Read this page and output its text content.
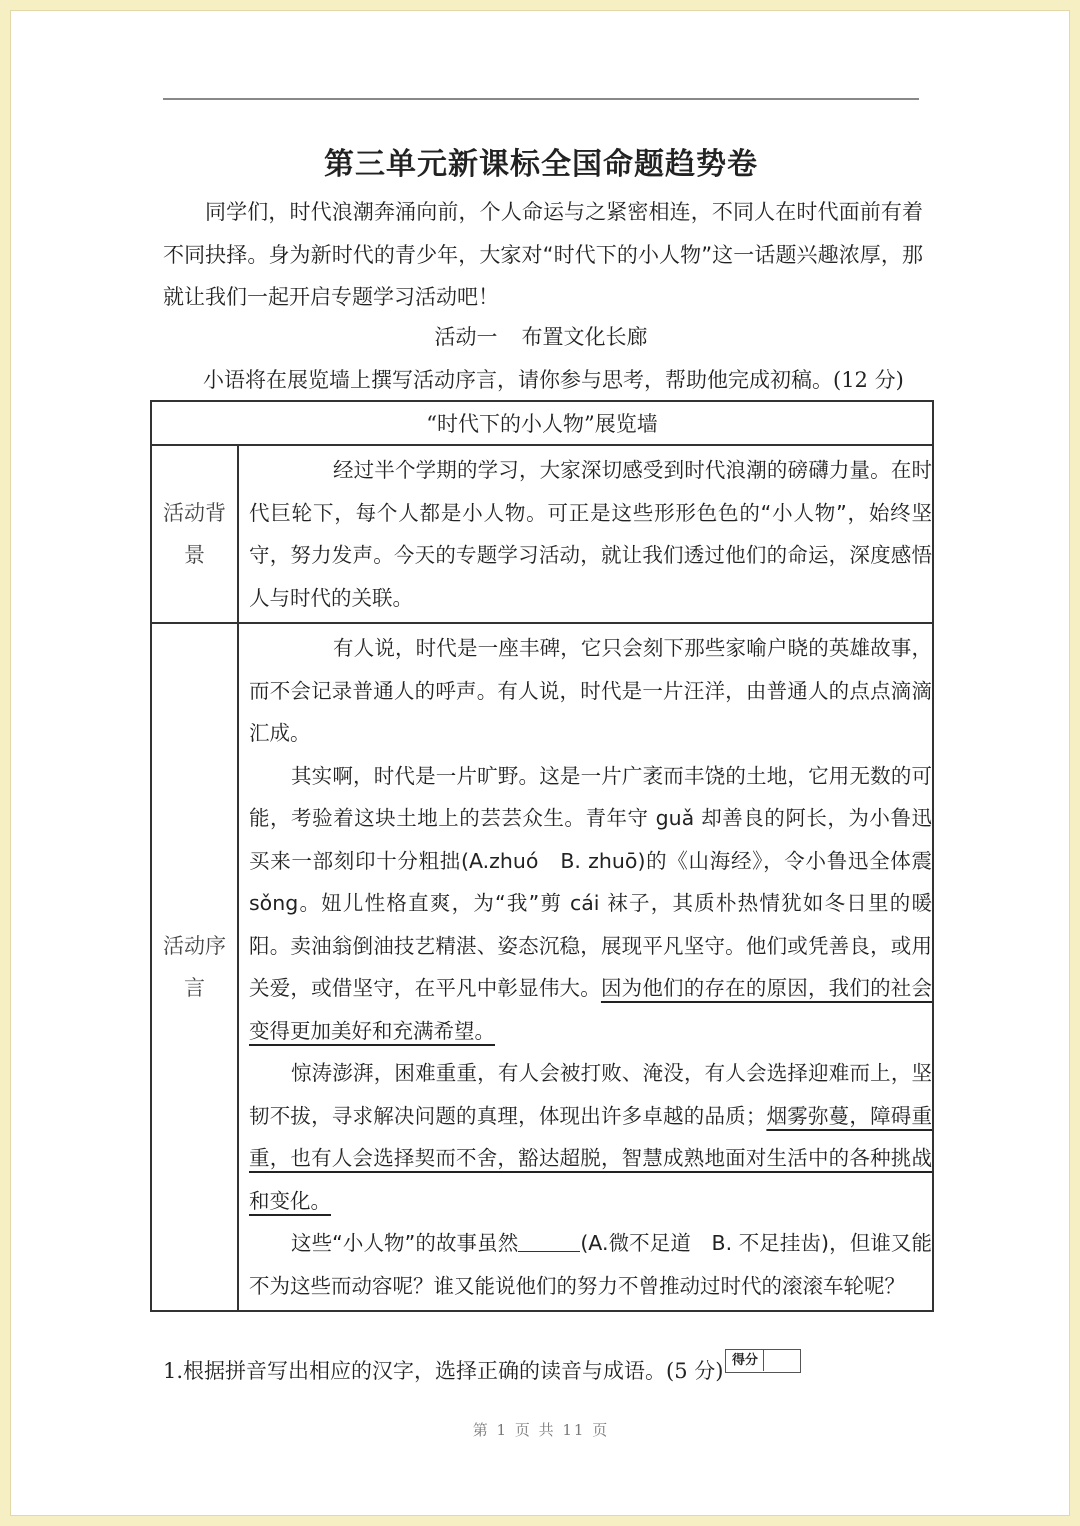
第三单元新课标全国命题趋势卷
同学们，时代浪潮奔涌向前，个人命运与之紧密相连，不同人在时代面前有着不同抉择。身为新时代的青少年，大家对“时代下的小人物”这一话题兴趣浓厚，那就让我们一起开启专题学习活动吧！
活动一 布置文化长廊
小语将在展览墙上撰写活动序言，请你参与思考，帮助他完成初稿。(12 分)
“时代下的小人物”展览墙	
活动背景	经过半个学期的学习，大家深切感受到时代浪潮的磅礴力量。在时代巨轮下，每个人都是小人物。可正是这些形形色色的“小人物”，始终坚守，努力发声。今天的专题学习活动，就让我们透过他们的命运，深度感悟人与时代的关联。

活动序言	有人说，时代是一座丰碑，它只会刻下那些家喻户晓的英雄故事，而不会记录普通人的呼声。有人说，时代是一片汪洋，由普通人的点点滴滴汇成。

其实啊，时代是一片旷野。这是一片广袤而丰饶的土地，它用无数的可能，考验着这块土地上的芸芸众生。青年守 guǎ 却善良的阿长，为小鲁迅买来一部刻印十分粗拙(A.zhuó　B. zhuō)的《山海经》，令小鲁迅全体震 sǒng。妞儿性格直爽，为“我”剪 cái 袜子，其质朴热情犹如冬日里的暖阳。卖油翁倒油技艺精湛、姿态沉稳，展现平凡坚守。他们或凭善良，或用关爱，或借坚守，在平凡中彰显伟大。因为他们的存在的原因，我们的社会变得更加美好和充满希望。

惊涛澎湃，困难重重，有人会被打败、淹没，有人会选择迎难而上，坚韧不拔，寻求解决问题的真理，体现出许多卓越的品质；烟雾弥蔓，障碍重重，也有人会选择契而不舍，豁达超脱，智慧成熟地面对生活中的各种挑战和变化。

这些“小人物”的故事虽然 (A.微不足道　B. 不足挂齿)，但谁又能不为这些而动容呢？谁又能说他们的努力不曾推动过时代的滚滚车轮呢？

1.根据拼音写出相应的汉字，选择正确的读音与成语。(5 分) 得分
第 1 页 共 11 页
